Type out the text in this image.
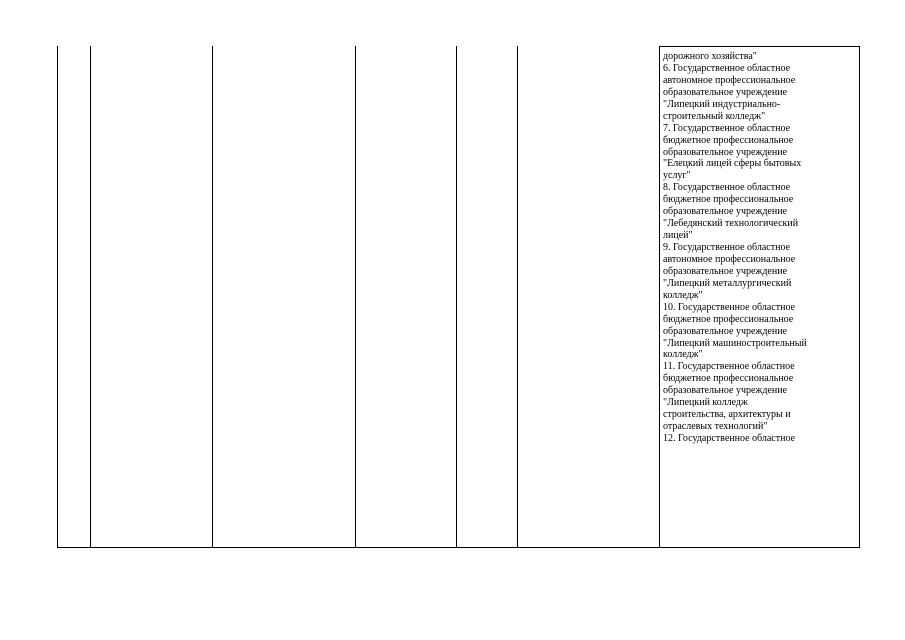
дорожного хозяйства"
6. Государственное областное
автономное профессиональное
образовательное учреждение
"Липецкий индустриально-
строительный колледж"
7. Государственное областное
бюджетное профессиональное
образовательное учреждение
"Елецкий лицей сферы бытовых
услуг"
8. Государственное областное
бюджетное профессиональное
образовательное учреждение
"Лебедянский технологический
лицей"
9. Государственное областное
автономное профессиональное
образовательное учреждение
"Липецкий металлургический
колледж"
10. Государственное областное
бюджетное профессиональное
образовательное учреждение
"Липецкий машиностроительный
колледж"
11. Государственное областное
бюджетное профессиональное
образовательное учреждение
"Липецкий колледж
строительства, архитектуры и
отраслевых технологий"
12. Государственное областное
